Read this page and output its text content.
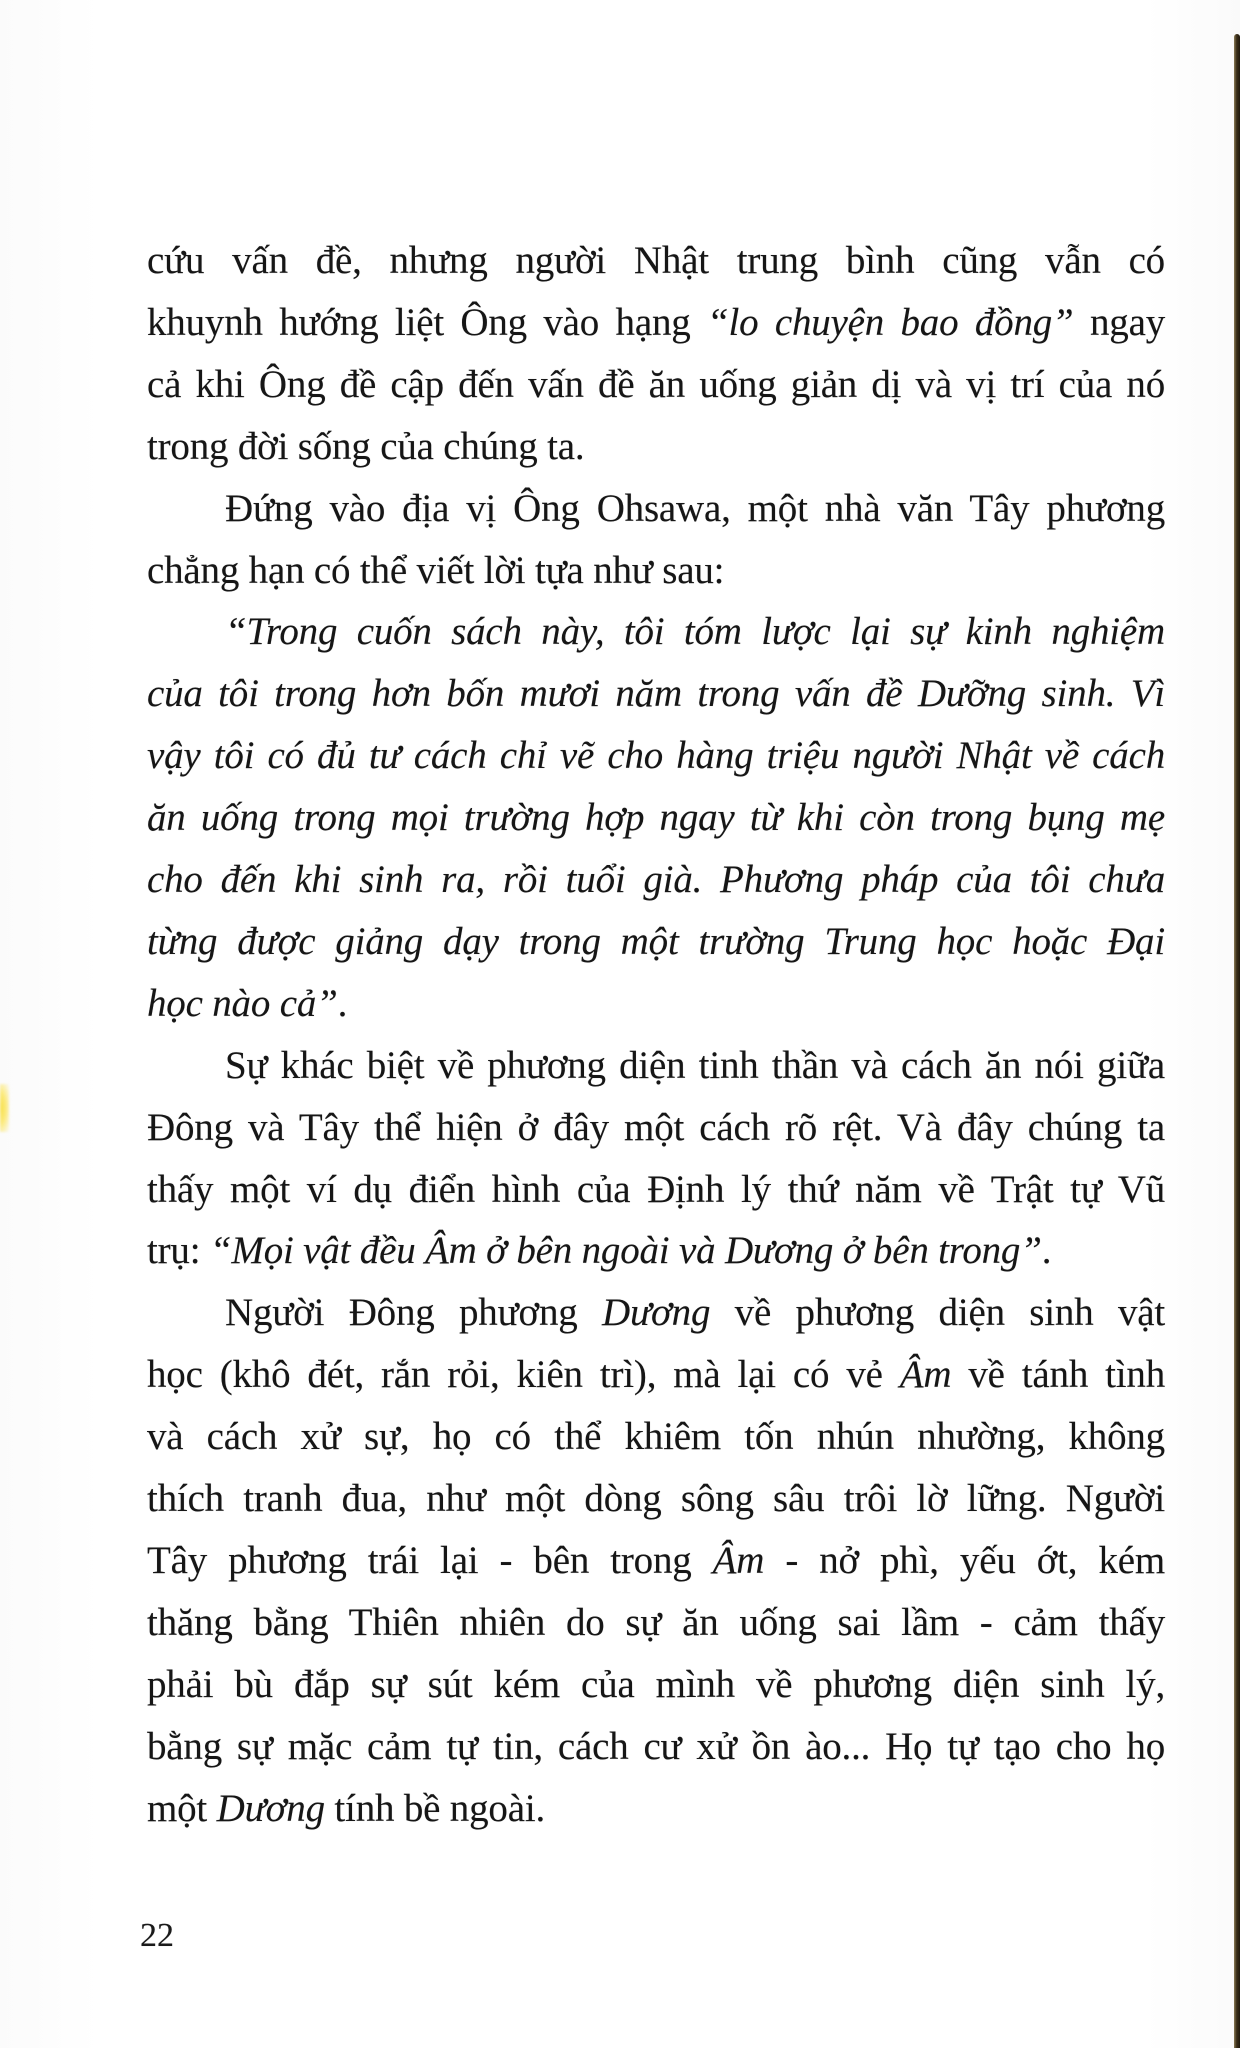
cứu vấn đề, nhưng người Nhật trung bình cũng vẫn có
khuynh hướng liệt Ông vào hạng “lo chuyện bao đồng” ngay
cả khi Ông đề cập đến vấn đề ăn uống giản dị và vị trí của nó
trong đời sống của chúng ta.
Đứng vào địa vị Ông Ohsawa, một nhà văn Tây phương
chẳng hạn có thể viết lời tựa như sau:
“Trong cuốn sách này, tôi tóm lược lại sự kinh nghiệm
của tôi trong hơn bốn mươi năm trong vấn đề Dưỡng sinh. Vì
vậy tôi có đủ tư cách chỉ vẽ cho hàng triệu người Nhật về cách
ăn uống trong mọi trường hợp ngay từ khi còn trong bụng mẹ
cho đến khi sinh ra, rồi tuổi già. Phương pháp của tôi chưa
từng được giảng dạy trong một trường Trung học hoặc Đại
học nào cả”.
Sự khác biệt về phương diện tinh thần và cách ăn nói giữa
Đông và Tây thể hiện ở đây một cách rõ rệt. Và đây chúng ta
thấy một ví dụ điển hình của Định lý thứ năm về Trật tự Vũ
trụ: “Mọi vật đều Âm ở bên ngoài và Dương ở bên trong”.
Người Đông phương Dương về phương diện sinh vật
học (khô đét, rắn rỏi, kiên trì), mà lại có vẻ Âm về tánh tình
và cách xử sự, họ có thể khiêm tốn nhún nhường, không
thích tranh đua, như một dòng sông sâu trôi lờ lững. Người
Tây phương trái lại - bên trong Âm - nở phì, yếu ớt, kém
thăng bằng Thiên nhiên do sự ăn uống sai lầm - cảm thấy
phải bù đắp sự sút kém của mình về phương diện sinh lý,
bằng sự mặc cảm tự tin, cách cư xử ồn ào... Họ tự tạo cho họ
một Dương tính bề ngoài.
22
